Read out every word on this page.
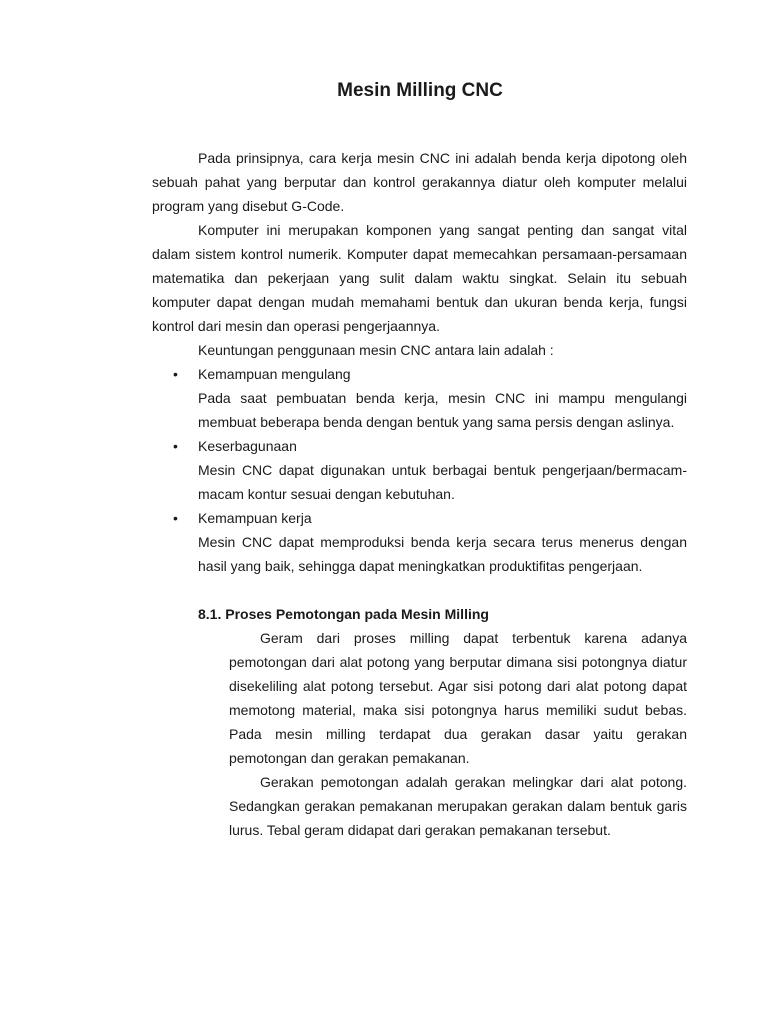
Mesin Milling CNC

Pada prinsipnya, cara kerja mesin CNC ini adalah benda kerja dipotong oleh sebuah pahat yang berputar dan kontrol gerakannya diatur oleh komputer melalui program yang disebut G-Code.

Komputer ini merupakan komponen yang sangat penting dan sangat vital dalam sistem kontrol numerik. Komputer dapat memecahkan persamaan-persamaan matematika dan pekerjaan yang sulit dalam waktu singkat. Selain itu sebuah komputer dapat dengan mudah memahami bentuk dan ukuran benda kerja, fungsi kontrol dari mesin dan operasi pengerjaannya.

Keuntungan penggunaan mesin CNC antara lain adalah :

• Kemampuan mengulang

Pada saat pembuatan benda kerja, mesin CNC ini mampu mengulangi membuat beberapa benda dengan bentuk yang sama persis dengan aslinya.

• Keserbagunaan

Mesin CNC dapat digunakan untuk berbagai bentuk pengerjaan/bermacam-macam kontur sesuai dengan kebutuhan.

• Kemampuan kerja

Mesin CNC dapat memproduksi benda kerja secara terus menerus dengan hasil yang baik, sehingga dapat meningkatkan produktifitas pengerjaan.

8.1. Proses Pemotongan pada Mesin Milling

Geram dari proses milling dapat terbentuk karena adanya pemotongan dari alat potong yang berputar dimana sisi potongnya diatur disekeliling alat potong tersebut. Agar sisi potong dari alat potong dapat memotong material, maka sisi potongnya harus memiliki sudut bebas. Pada mesin milling terdapat dua gerakan dasar yaitu gerakan pemotongan dan gerakan pemakanan.

Gerakan pemotongan adalah gerakan melingkar dari alat potong. Sedangkan gerakan pemakanan merupakan gerakan dalam bentuk garis lurus. Tebal geram didapat dari gerakan pemakanan tersebut.
